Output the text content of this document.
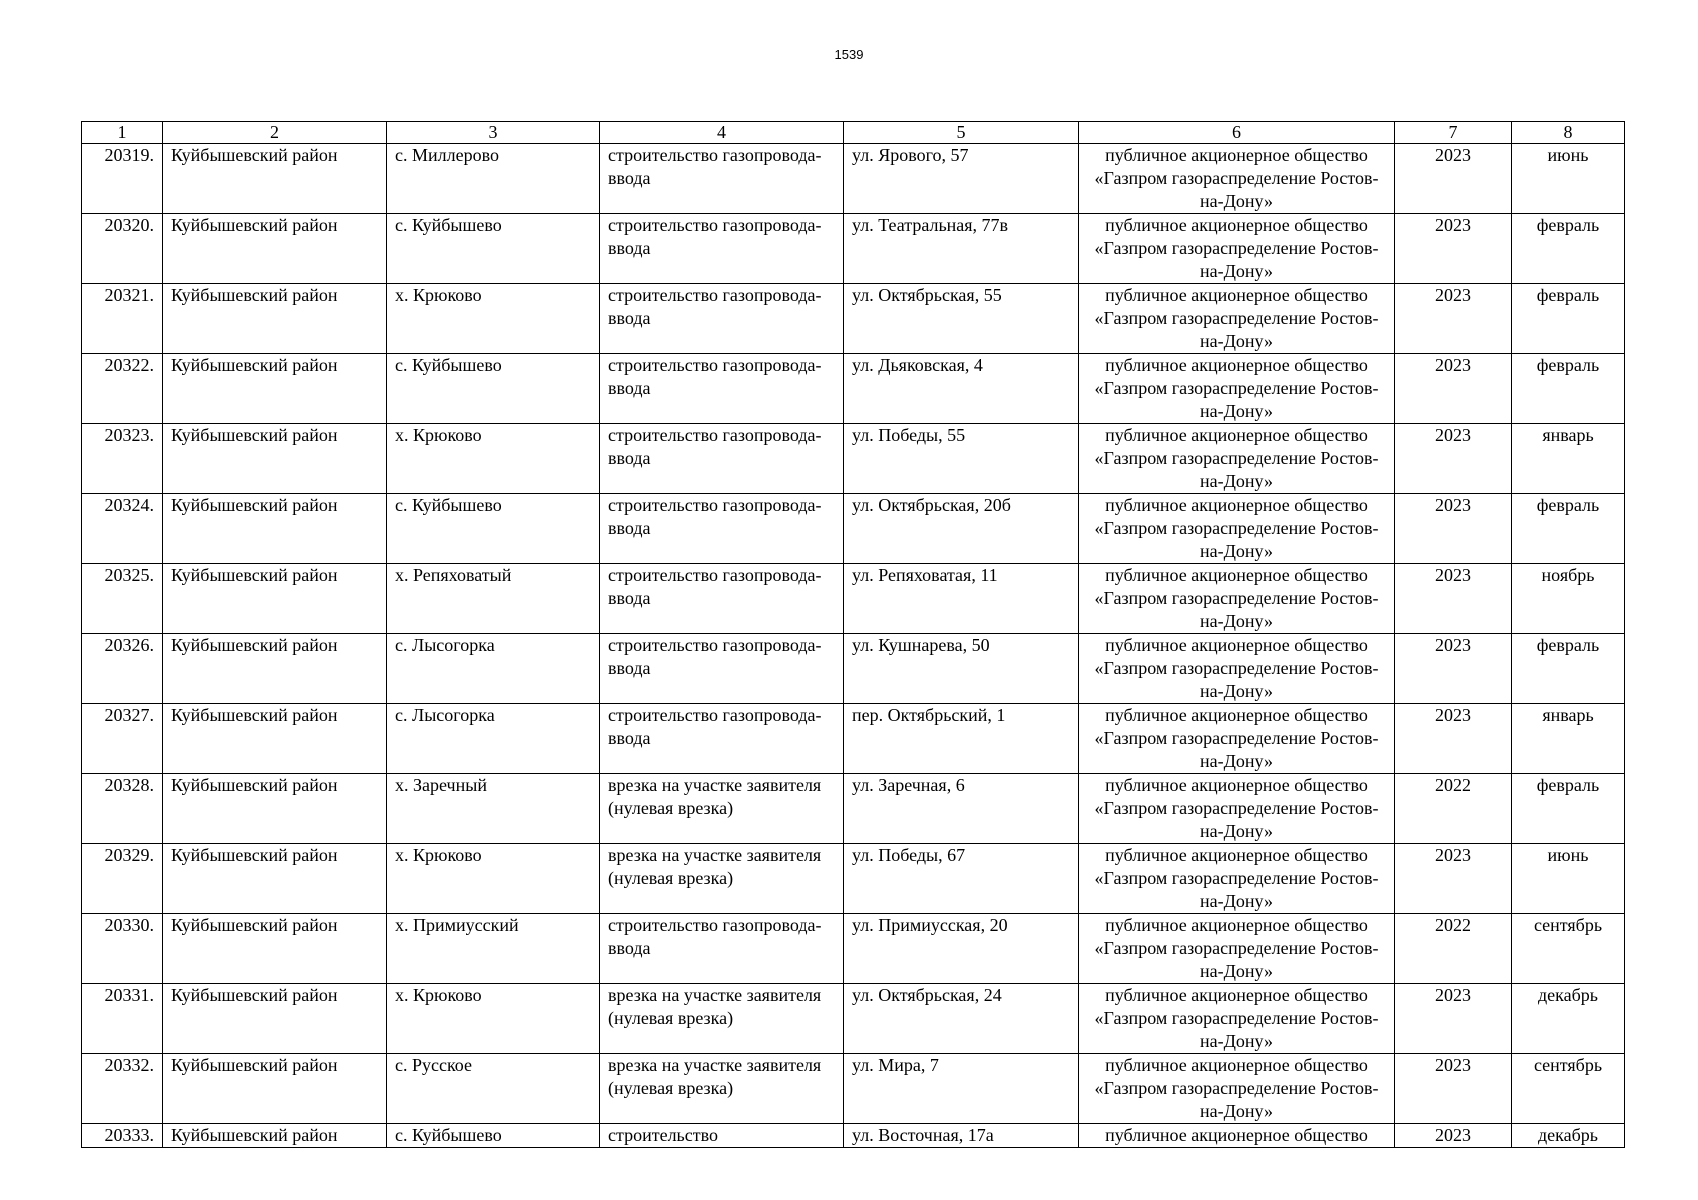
1539
1	2	3	4	5	6	7	8
20319.	Куйбышевский район	с. Миллерово	строительство газопровода-ввода	ул. Ярового, 57	публичное акционерное общество «Газпром газораспределение Ростов-на-Дону»	2023	июнь
20320.	Куйбышевский район	с. Куйбышево	строительство газопровода-ввода	ул. Театральная, 77в	публичное акционерное общество «Газпром газораспределение Ростов-на-Дону»	2023	февраль
20321.	Куйбышевский район	х. Крюково	строительство газопровода-ввода	ул. Октябрьская, 55	публичное акционерное общество «Газпром газораспределение Ростов-на-Дону»	2023	февраль
20322.	Куйбышевский район	с. Куйбышево	строительство газопровода-ввода	ул. Дьяковская, 4	публичное акционерное общество «Газпром газораспределение Ростов-на-Дону»	2023	февраль
20323.	Куйбышевский район	х. Крюково	строительство газопровода-ввода	ул. Победы, 55	публичное акционерное общество «Газпром газораспределение Ростов-на-Дону»	2023	январь
20324.	Куйбышевский район	с. Куйбышево	строительство газопровода-ввода	ул. Октябрьская, 20б	публичное акционерное общество «Газпром газораспределение Ростов-на-Дону»	2023	февраль
20325.	Куйбышевский район	х. Репяховатый	строительство газопровода-ввода	ул. Репяховатая, 11	публичное акционерное общество «Газпром газораспределение Ростов-на-Дону»	2023	ноябрь
20326.	Куйбышевский район	с. Лысогорка	строительство газопровода-ввода	ул. Кушнарева, 50	публичное акционерное общество «Газпром газораспределение Ростов-на-Дону»	2023	февраль
20327.	Куйбышевский район	с. Лысогорка	строительство газопровода-ввода	пер. Октябрьский, 1	публичное акционерное общество «Газпром газораспределение Ростов-на-Дону»	2023	январь
20328.	Куйбышевский район	х. Заречный	врезка на участке заявителя (нулевая врезка)	ул. Заречная, 6	публичное акционерное общество «Газпром газораспределение Ростов-на-Дону»	2022	февраль
20329.	Куйбышевский район	х. Крюково	врезка на участке заявителя (нулевая врезка)	ул. Победы, 67	публичное акционерное общество «Газпром газораспределение Ростов-на-Дону»	2023	июнь
20330.	Куйбышевский район	х. Примиусский	строительство газопровода-ввода	ул. Примиусская, 20	публичное акционерное общество «Газпром газораспределение Ростов-на-Дону»	2022	сентябрь
20331.	Куйбышевский район	х. Крюково	врезка на участке заявителя (нулевая врезка)	ул. Октябрьская, 24	публичное акционерное общество «Газпром газораспределение Ростов-на-Дону»	2023	декабрь
20332.	Куйбышевский район	с. Русское	врезка на участке заявителя (нулевая врезка)	ул. Мира, 7	публичное акционерное общество «Газпром газораспределение Ростов-на-Дону»	2023	сентябрь
20333.	Куйбышевский район	с. Куйбышево	строительство	ул. Восточная, 17а	публичное акционерное общество	2023	декабрь
